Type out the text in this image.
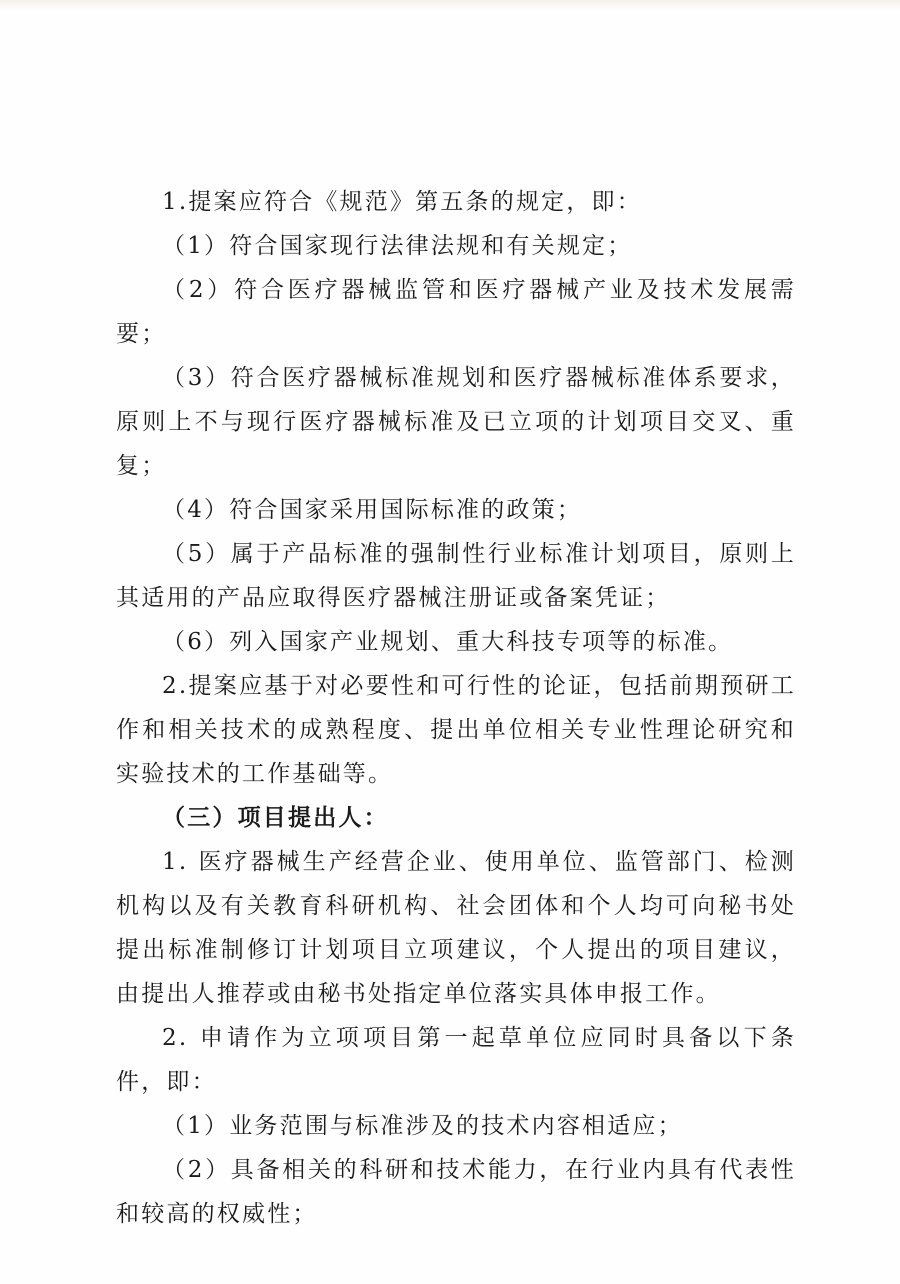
1.提案应符合《规范》第五条的规定，即：

（1）符合国家现行法律法规和有关规定；

（2）符合医疗器械监管和医疗器械产业及技术发展需要；

（3）符合医疗器械标准规划和医疗器械标准体系要求，原则上不与现行医疗器械标准及已立项的计划项目交叉、重复；

（4）符合国家采用国际标准的政策；

（5）属于产品标准的强制性行业标准计划项目，原则上其适用的产品应取得医疗器械注册证或备案凭证；

（6）列入国家产业规划、重大科技专项等的标准。

2.提案应基于对必要性和可行性的论证，包括前期预研工作和相关技术的成熟程度、提出单位相关专业性理论研究和实验技术的工作基础等。

（三）项目提出人：

1. 医疗器械生产经营企业、使用单位、监管部门、检测机构以及有关教育科研机构、社会团体和个人均可向秘书处提出标准制修订计划项目立项建议，个人提出的项目建议，由提出人推荐或由秘书处指定单位落实具体申报工作。

2. 申请作为立项项目第一起草单位应同时具备以下条件，即：

（1）业务范围与标准涉及的技术内容相适应；

（2）具备相关的科研和技术能力，在行业内具有代表性和较高的权威性；
